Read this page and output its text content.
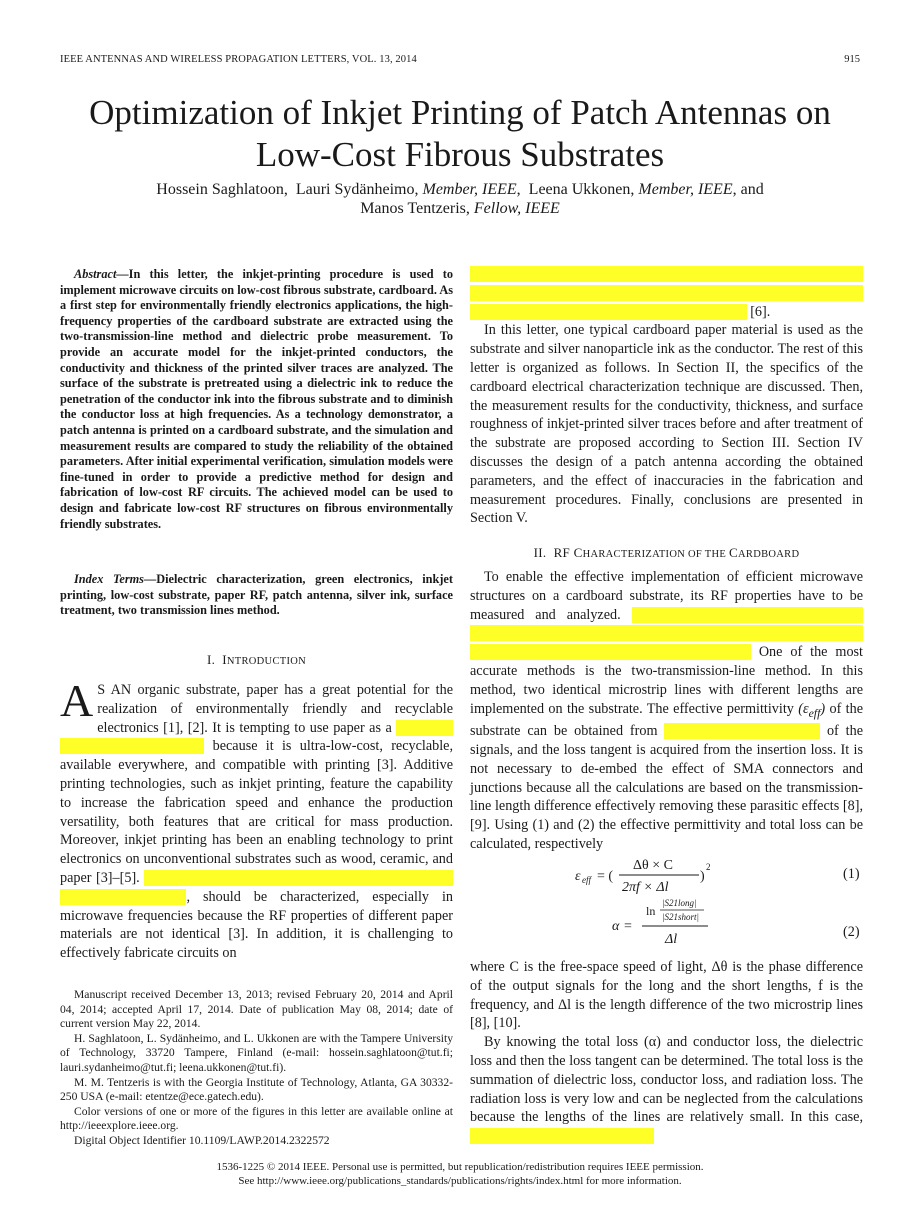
IEEE ANTENNAS AND WIRELESS PROPAGATION LETTERS, VOL. 13, 2014	915
Optimization of Inkjet Printing of Patch Antennas on
Low-Cost Fibrous Substrates
Hossein Saghlatoon, Lauri Sydänheimo, Member, IEEE,  Leena Ukkonen, Member, IEEE, and
Manos Tentzeris, Fellow, IEEE
Abstract—In this letter, the inkjet-printing procedure is used to implement microwave circuits on low-cost fibrous substrate, cardboard. As a first step for environmentally friendly electronics applications, the high-frequency properties of the cardboard substrate are extracted using the two-transmission-line method and dielectric probe measurement. To provide an accurate model for the inkjet-printed conductors, the conductivity and thickness of the printed silver traces are analyzed. The surface of the substrate is pretreated using a dielectric ink to reduce the penetration of the conductor ink into the fibrous substrate and to diminish the conductor loss at high frequencies. As a technology demonstrator, a patch antenna is printed on a cardboard substrate, and the simulation and measurement results are compared to study the reliability of the obtained parameters. After initial experimental verification, simulation models were fine-tuned in order to provide a predictive method for design and fabrication of low-cost RF circuits. The achieved model can be used to design and fabricate low-cost RF structures on fibrous environmentally friendly substrates.
Index Terms—Dielectric characterization, green electronics, inkjet printing, low-cost substrate, paper RF, patch antenna, silver ink, surface treatment, two transmission lines method.
I. INTRODUCTION

A S AN organic substrate, paper has a great potential for the realization of environmentally friendly and recyclable electronics [1], [2]. It is tempting to use paper as a because it is ultra-low-cost, recyclable, available everywhere, and compatible with printing [3]. Additive printing technologies, such as inkjet printing, feature the capability to increase the fabrication speed and enhance the production versatility, both features that are critical for mass production. Moreover, inkjet printing has been an enabling technology to print electronics on unconventional substrates such as wood, ceramic, and paper [3]–[5]. , should be characterized, especially in microwave frequencies because the RF properties of different paper materials are not identical [3]. In addition, it is challenging to effectively fabricate circuits on

Manuscript received December 13, 2013; revised February 20, 2014 and April 04, 2014; accepted April 17, 2014. Date of publication May 08, 2014; date of current version May 22, 2014.

H. Saghlatoon, L. Sydänheimo, and L. Ukkonen are with the Tampere University of Technology, 33720 Tampere, Finland (e-mail: hossein.saghlatoon@tut.fi; lauri.sydanheimo@tut.fi; leena.ukkonen@tut.fi).

M. M. Tentzeris is with the Georgia Institute of Technology, Atlanta, GA 30332-250 USA (e-mail: etentze@ece.gatech.edu).

Color versions of one or more of the figures in this letter are available online at http://ieeexplore.ieee.org.

Digital Object Identifier 10.1109/LAWP.2014.2322572

[6].

In this letter, one typical cardboard paper material is used as the substrate and silver nanoparticle ink as the conductor. The rest of this letter is organized as follows. In Section II, the specifics of the cardboard electrical characterization technique are discussed. Then, the measurement results for the conductivity, thickness, and surface roughness of inkjet-printed silver traces before and after treatment of the substrate are proposed according to Section III. Section IV discusses the design of a patch antenna according the obtained parameters, and the effect of inaccuracies in the fabrication and measurement procedures. Finally, conclusions are presented in Section V.

II. RF CHARACTERIZATION OF THE CARDBOARD

To enable the effective implementation of efficient microwave structures on a cardboard substrate, its RF properties have to be measured and analyzed. One of the most accurate methods is the two-transmission-line method. In this method, two identical microstrip lines with different lengths are implemented on the substrate. The effective permittivity $(\varepsilon_{eff})$ of the substrate can be obtained from	of the signals, and the loss tangent is acquired from the insertion loss. It is not necessary to de-embed the effect of SMA connectors and junctions because all the calculations are based on the transmission-line length difference effectively removing these parasitic effects [8], [9]. Using (1) and (2) the effective permittivity and total loss can be calculated, respectively

ε eff = (
Δθ × C
2πf × Δl
)
2	(1)
α =
ln
|S21long|
|S21short|
Δl	(2)

where C is the free-space speed of light, Δθ is the phase difference of the output signals for the long and the short lengths, f is the frequency, and Δl is the length difference of the two microstrip lines [8], [10].

By knowing the total loss (α) and conductor loss, the dielectric loss and then the loss tangent can be determined. The total loss is the summation of dielectric loss, conductor loss, and radiation loss. The radiation loss is very low and can be neglected from the calculations because the lengths of the lines are relatively small. In this case,

1536-1225 © 2014 IEEE. Personal use is permitted, but republication/redistribution requires IEEE permission.
See http://www.ieee.org/publications_standards/publications/rights/index.html for more information.
